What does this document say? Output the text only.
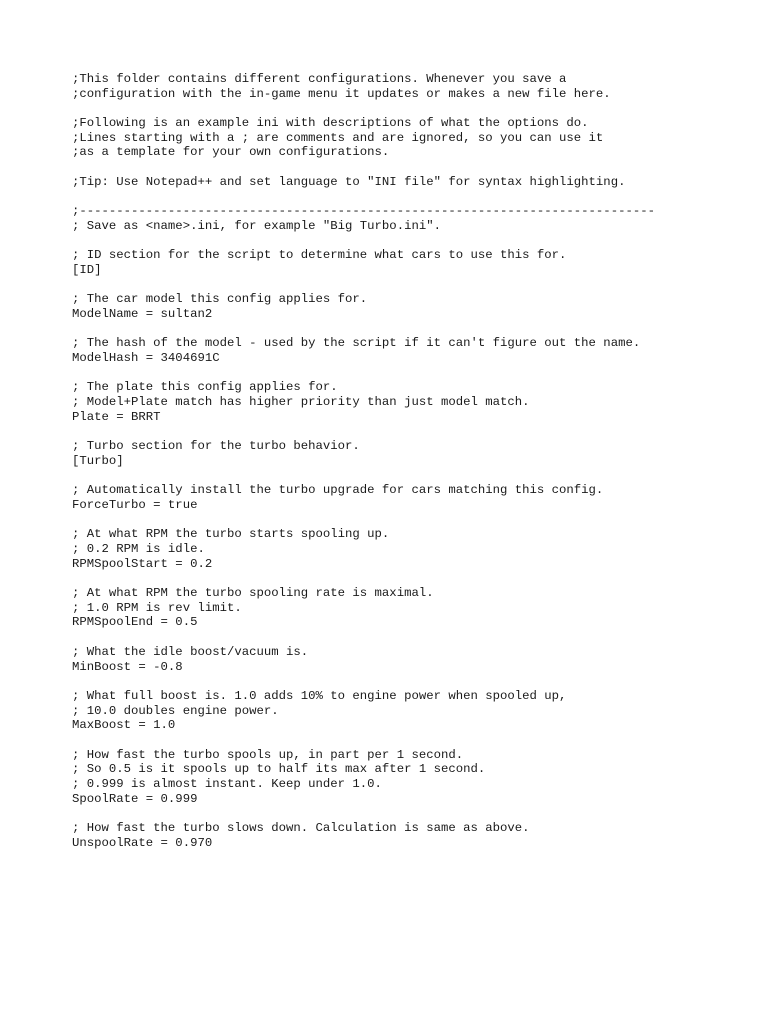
;This folder contains different configurations. Whenever you save a
;configuration with the in-game menu it updates or makes a new file here.
;Following is an example ini with descriptions of what the options do.
;Lines starting with a ; are comments and are ignored, so you can use it
;as a template for your own configurations.
;Tip: Use Notepad++ and set language to "INI file" for syntax highlighting.
;------------------------------------------------------------------------------
; Save as <name>.ini, for example "Big Turbo.ini".
; ID section for the script to determine what cars to use this for.
[ID]
; The car model this config applies for.
ModelName = sultan2
; The hash of the model - used by the script if it can't figure out the name.
ModelHash = 3404691C
; The plate this config applies for.
; Model+Plate match has higher priority than just model match.
Plate = BRRT
; Turbo section for the turbo behavior.
[Turbo]
; Automatically install the turbo upgrade for cars matching this config.
ForceTurbo = true
; At what RPM the turbo starts spooling up.
; 0.2 RPM is idle.
RPMSpoolStart = 0.2
; At what RPM the turbo spooling rate is maximal.
; 1.0 RPM is rev limit.
RPMSpoolEnd = 0.5
; What the idle boost/vacuum is.
MinBoost = -0.8
; What full boost is. 1.0 adds 10% to engine power when spooled up,
; 10.0 doubles engine power.
MaxBoost = 1.0
; How fast the turbo spools up, in part per 1 second.
; So 0.5 is it spools up to half its max after 1 second.
; 0.999 is almost instant. Keep under 1.0.
SpoolRate = 0.999
; How fast the turbo slows down. Calculation is same as above.
UnspoolRate = 0.970
